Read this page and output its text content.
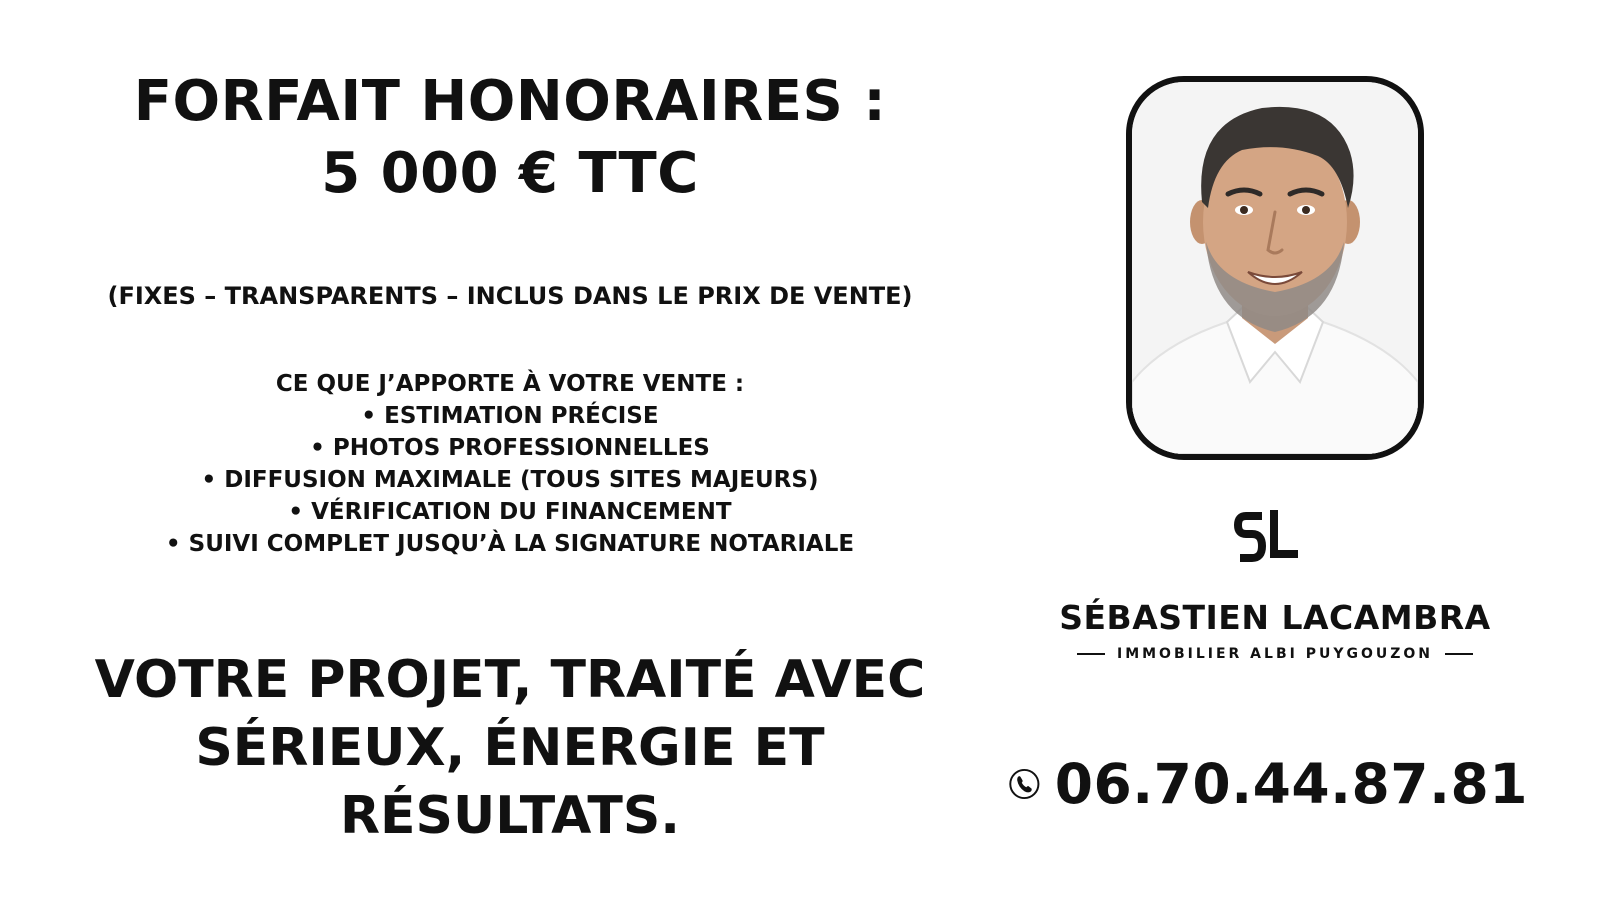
FORFAIT HONORAIRES :
5 000 € TTC

(FIXES – TRANSPARENTS – INCLUS DANS LE PRIX DE VENTE)

CE QUE J’APPORTE À VOTRE VENTE :
• ESTIMATION PRÉCISE
• PHOTOS PROFESSIONNELLES
• DIFFUSION MAXIMALE (TOUS SITES MAJEURS)
• VÉRIFICATION DU FINANCEMENT
• SUIVI COMPLET JUSQU’À LA SIGNATURE NOTARIALE
VOTRE PROJET, TRAITÉ AVEC
SÉRIEUX, ÉNERGIE ET
RÉSULTATS.
SÉBASTIEN LACAMBRA
IMMOBILIER ALBI PUYGOUZON
06.70.44.87.81
